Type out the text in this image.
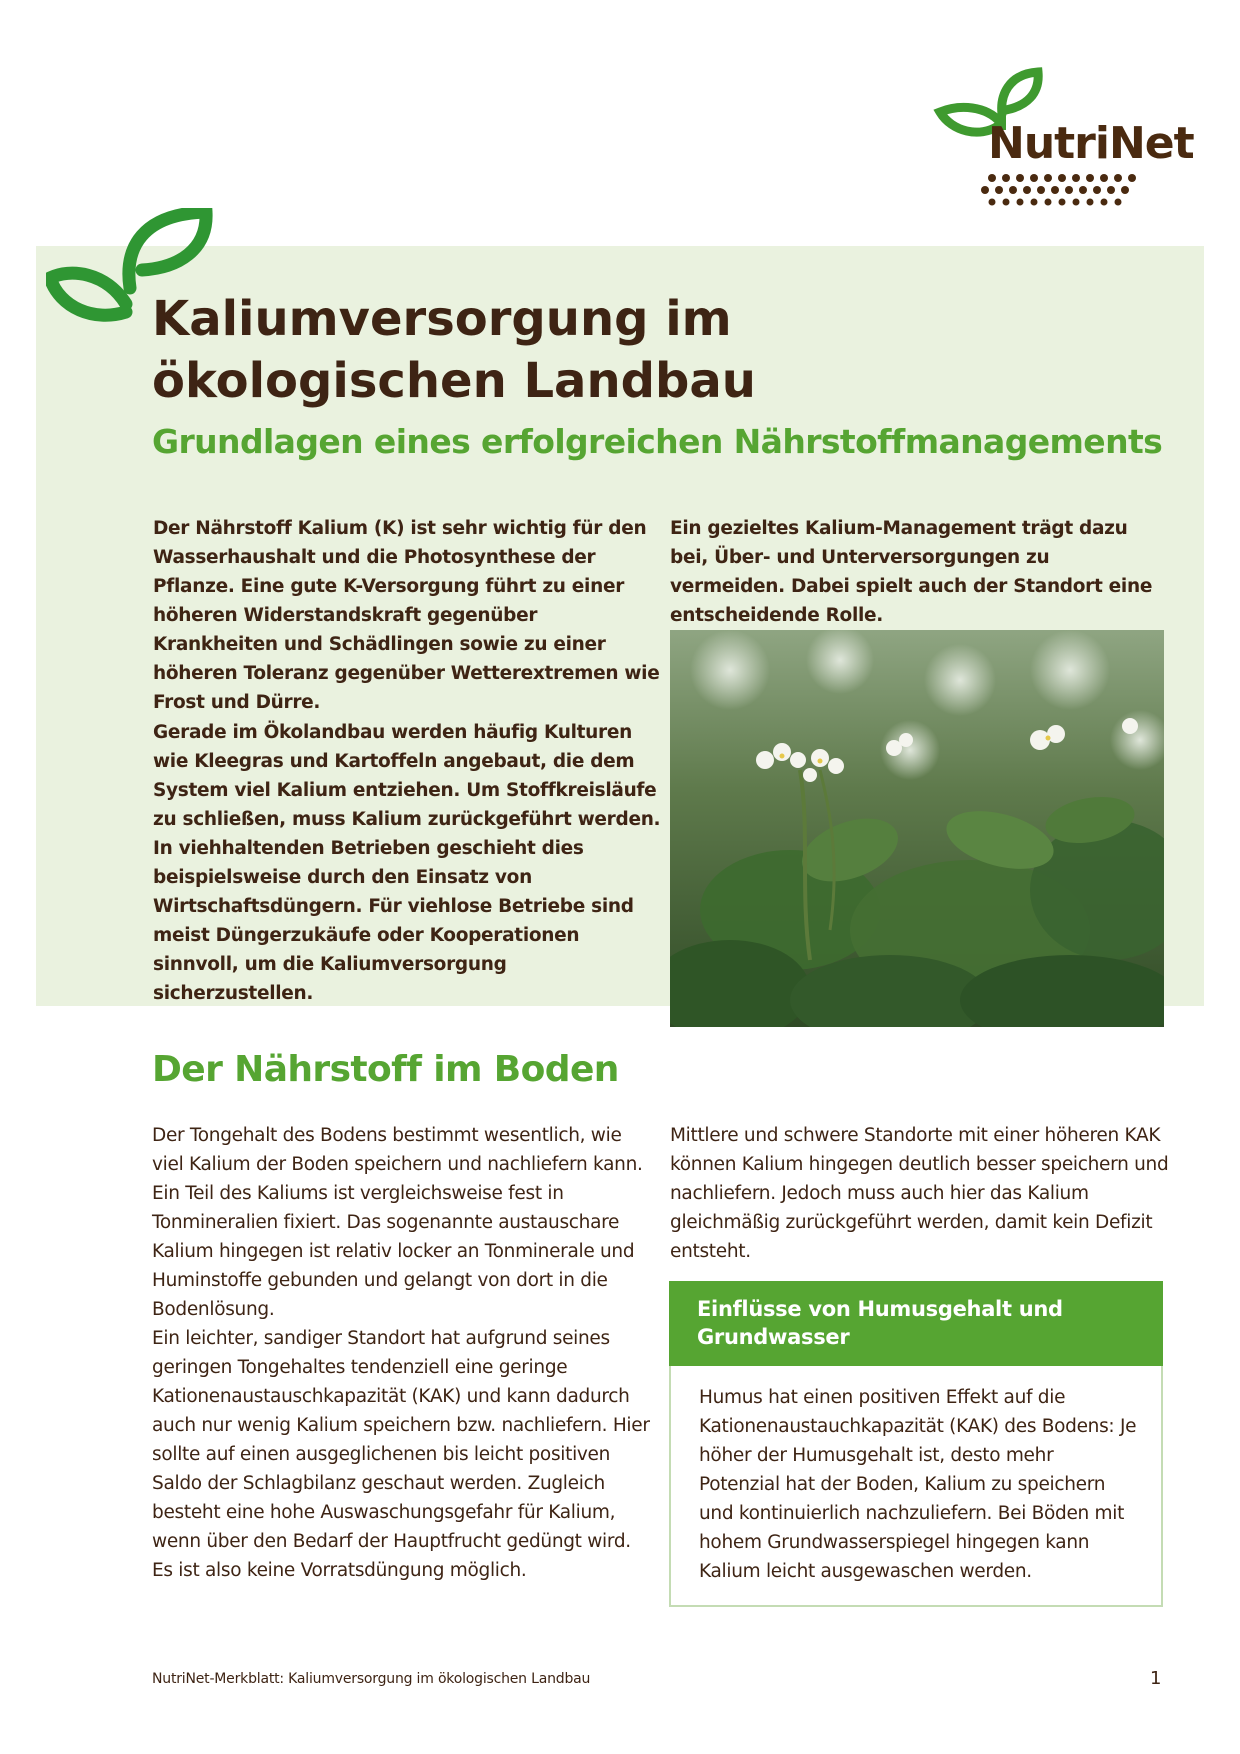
NutriNet
Kaliumversorgung im
ökologischen Landbau
Grundlagen eines erfolgreichen Nährstoffmanagements

Der Nährstoff Kalium (K) ist sehr wichtig für den Wasserhaushalt und die Photosynthese der Pflanze. Eine gute K-Versorgung führt zu einer höheren Widerstandskraft gegenüber Krankheiten und Schädlingen sowie zu einer höheren Toleranz gegenüber Wetterextremen wie Frost und Dürre.

Gerade im Ökolandbau werden häufig Kulturen wie Kleegras und Kartoffeln angebaut, die dem System viel Kalium entziehen. Um Stoffkreisläufe zu schließen, muss Kalium zurückgeführt werden. In viehhaltenden Betrieben geschieht dies beispielsweise durch den Einsatz von Wirtschaftsdüngern. Für viehlose Betriebe sind meist Düngerzukäufe oder Kooperationen sinnvoll, um die Kaliumversorgung sicherzustellen.

Ein gezieltes Kalium-Management trägt dazu bei, Über- und Unterversorgungen zu vermeiden. Dabei spielt auch der Standort eine entscheidende Rolle.

Der Nährstoff im Boden

Der Tongehalt des Bodens bestimmt wesentlich, wie viel Kalium der Boden speichern und nachliefern kann. Ein Teil des Kaliums ist vergleichsweise fest in Tonmineralien fixiert. Das sogenannte austauschare Kalium hingegen ist relativ locker an Tonminerale und Huminstoffe gebunden und gelangt von dort in die Bodenlösung.

Ein leichter, sandiger Standort hat aufgrund seines geringen Tongehaltes tendenziell eine geringe Kationenaustauschkapazität (KAK) und kann dadurch auch nur wenig Kalium speichern bzw. nachliefern. Hier sollte auf einen ausgeglichenen bis leicht positiven Saldo der Schlagbilanz geschaut werden. Zugleich besteht eine hohe Auswaschungsgefahr für Kalium, wenn über den Bedarf der Hauptfrucht gedüngt wird. Es ist also keine Vorratsdüngung möglich.

Mittlere und schwere Standorte mit einer höheren KAK können Kalium hingegen deutlich besser speichern und nachliefern. Jedoch muss auch hier das Kalium gleichmäßig zurückgeführt werden, damit kein Defizit entsteht.

Einflüsse von Humusgehalt und Grundwasser

Humus hat einen positiven Effekt auf die Kationenaustauchkapazität (KAK) des Bodens: Je höher der Humusgehalt ist, desto mehr Potenzial hat der Boden, Kalium zu speichern und kontinuierlich nachzuliefern. Bei Böden mit hohem Grundwasserspiegel hingegen kann Kalium leicht ausgewaschen werden.

NutriNet-Merkblatt: Kaliumversorgung im ökologischen Landbau	1
